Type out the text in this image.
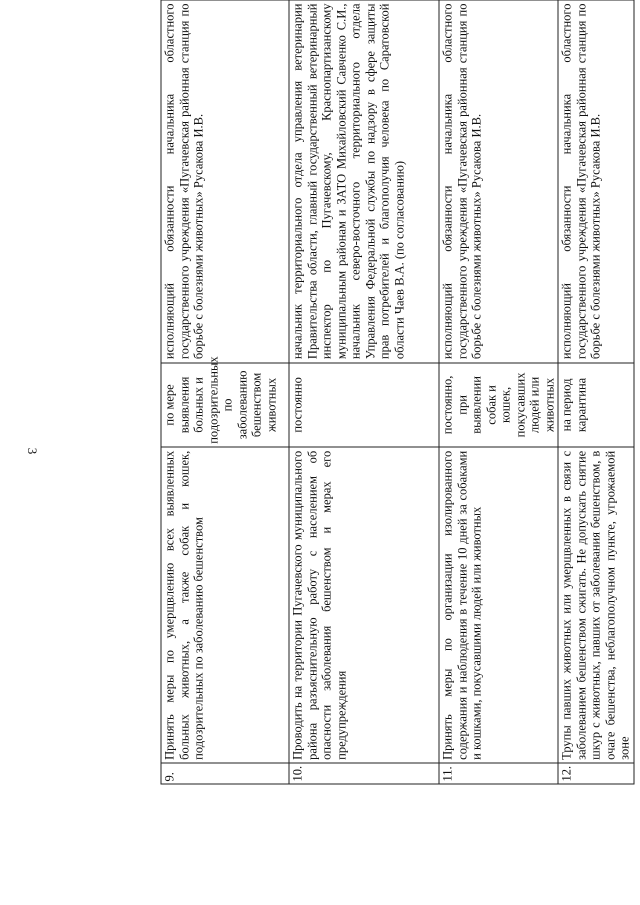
3
9.	Принять меры по умерщвлению всех выявленных больных животных, а также собак и кошек, подозрительных по заболеванию бешенством	по мере выявления больных и подозрительных по заболеванию бешенством животных	исполняющий обязанности начальника областного государственного учреждения «Пугачевская районная станция по борьбе с болезнями животных» Русакова И.В.
10.	Проводить на территории Пугачевского муниципального района разъяснительную работу с населением об опасности заболевания бешенством и мерах его предупреждения	постоянно	начальник территориального отдела управления ветеринарии Правительства области, главный государственный ветеринарный инспектор по Пугачевскому, Краснопартизанскому муниципальным районам и ЗАТО Михайловский Савченко С.И., начальник северо-восточного территориального отдела Управления Федеральной службы по надзору в сфере защиты прав потребителей и благополучия человека по Саратовской области Чаев В.А. (по согласованию)
11.	Принять меры по организации изолированного содержания и наблюдения в течение 10 дней за собаками и кошками, покусавшими людей или животных	постоянно, при выявлении собак и кошек, покусавших людей или животных	исполняющий обязанности начальника областного государственного учреждения «Пугачевская районная станция по борьбе с болезнями животных» Русакова И.В.
12.	Трупы павших животных или умерщвленных в связи с заболеванием бешенством сжигать. Не допускать снятие шкур с животных, павших от заболевания бешенством, в очаге бешенства, неблагополучном пункте, угрожаемой зоне	на период карантина	исполняющий обязанности начальника областного государственного учреждения «Пугачевская районная станция по борьбе с болезнями животных» Русакова И.В.
